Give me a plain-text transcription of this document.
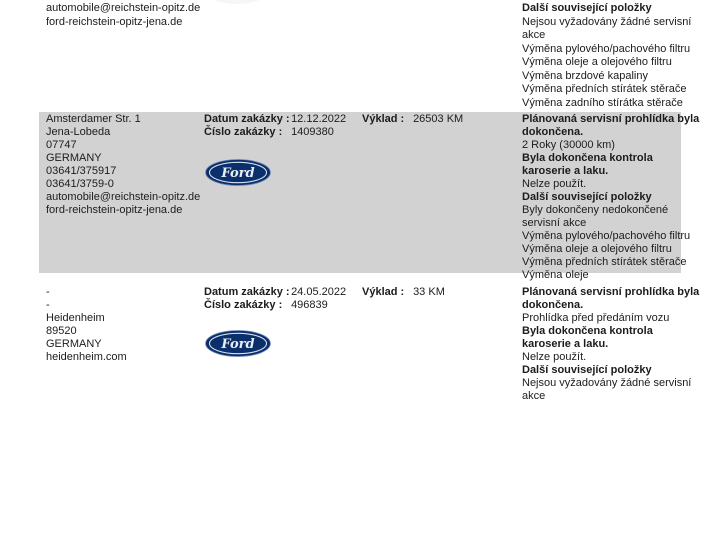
automobile@reichstein-opitz.de
ford-reichstein-opitz-jena.de
Další související položky
Nejsou vyžadovány žádné servisní
akce
Výměna pylového/pachového filtru
Výměna oleje a olejového filtru
Výměna brzdové kapaliny
Výměna předních stírátek stěrače
Výměna zadního stírátka stěrače
Amsterdamer Str. 1
Jena-Lobeda
07747
GERMANY
03641/375917
03641/3759-0
automobile@reichstein-opitz.de
ford-reichstein-opitz-jena.de
Datum zakázky : 12.12.2022
Číslo zakázky : 1409380
Výklad : 26503 KM
Ford
Plánovaná servisní prohlídka byla
dokončena.
2 Roky (30000 km)
Byla dokončena kontrola
karoserie a laku.
Nelze použít.
Další související položky
Byly dokončeny nedokončené
servisní akce
Výměna pylového/pachového filtru
Výměna oleje a olejového filtru
Výměna předních stírátek stěrače
Výměna oleje
-
-
Heidenheim
89520
GERMANY
heidenheim.com
Datum zakázky : 24.05.2022
Číslo zakázky : 496839
Výklad : 33 KM
Ford
Plánovaná servisní prohlídka byla
dokončena.
Prohlídka před předáním vozu
Byla dokončena kontrola
karoserie a laku.
Nelze použít.
Další související položky
Nejsou vyžadovány žádné servisní
akce
